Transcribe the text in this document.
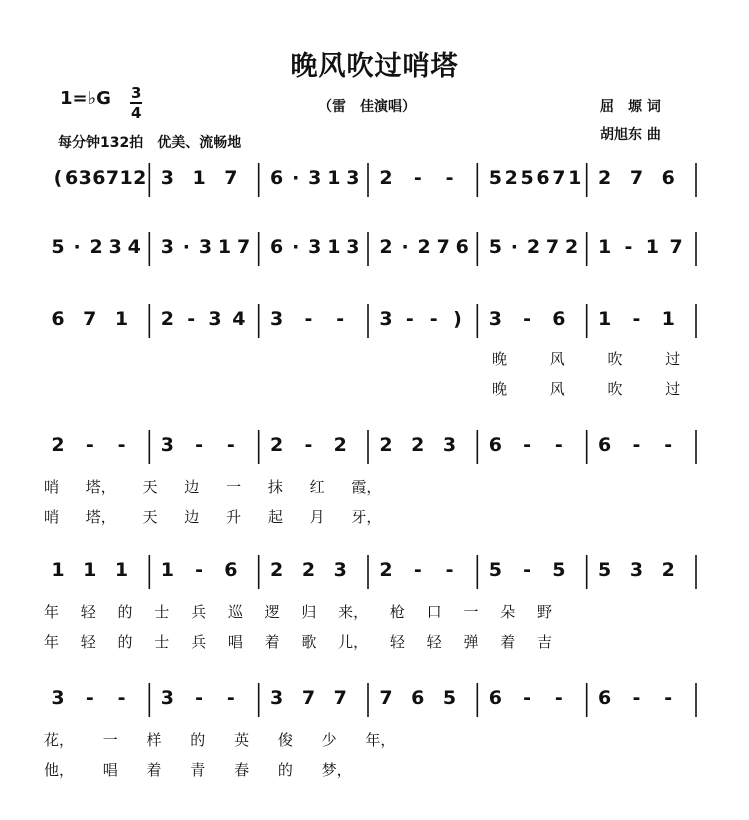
晚风吹过哨塔
1=♭G 3
4	（雷　佳演唱）	屈　塬 词
胡旭东 曲
每分钟132拍　优美、流畅地
( 6 3 6 7 1 2 3 1 7 6 · 3 1 3 2	-	-	5 2 5 6 7 1 2 7 6
5 · 2 3 4 3 · 3 1 7 6 · 3 1 3 2 · 2 7 6 5 · 2 7 2 1 - 1 7
6 7 1 2 - 3 4 3	-	-	3 - - ) 3	-	6 1	-	1
2	-	-	3	-	-	2	-	2 2 2 3 6	-	-	6	-	-
1 1 1 1	-	6 2 2 3 2	-	-	5	-	5 5 3 2
3	-	-	3	-	-	3 7 7 7 6 5 6	-	-	6	-	-
晚 风 吹 过
晚 风 吹 过
哨 塔， 天 边 一 抹 红 霞，
哨 塔， 天 边 升 起 月 牙，
年 轻 的 士 兵 巡 逻 归 来， 枪 口 一 朵 野
年 轻 的 士 兵 唱 着 歌 儿， 轻 轻 弹 着 吉
花， 一 样 的 英 俊 少 年，
他， 唱 着 青 春 的 梦，
